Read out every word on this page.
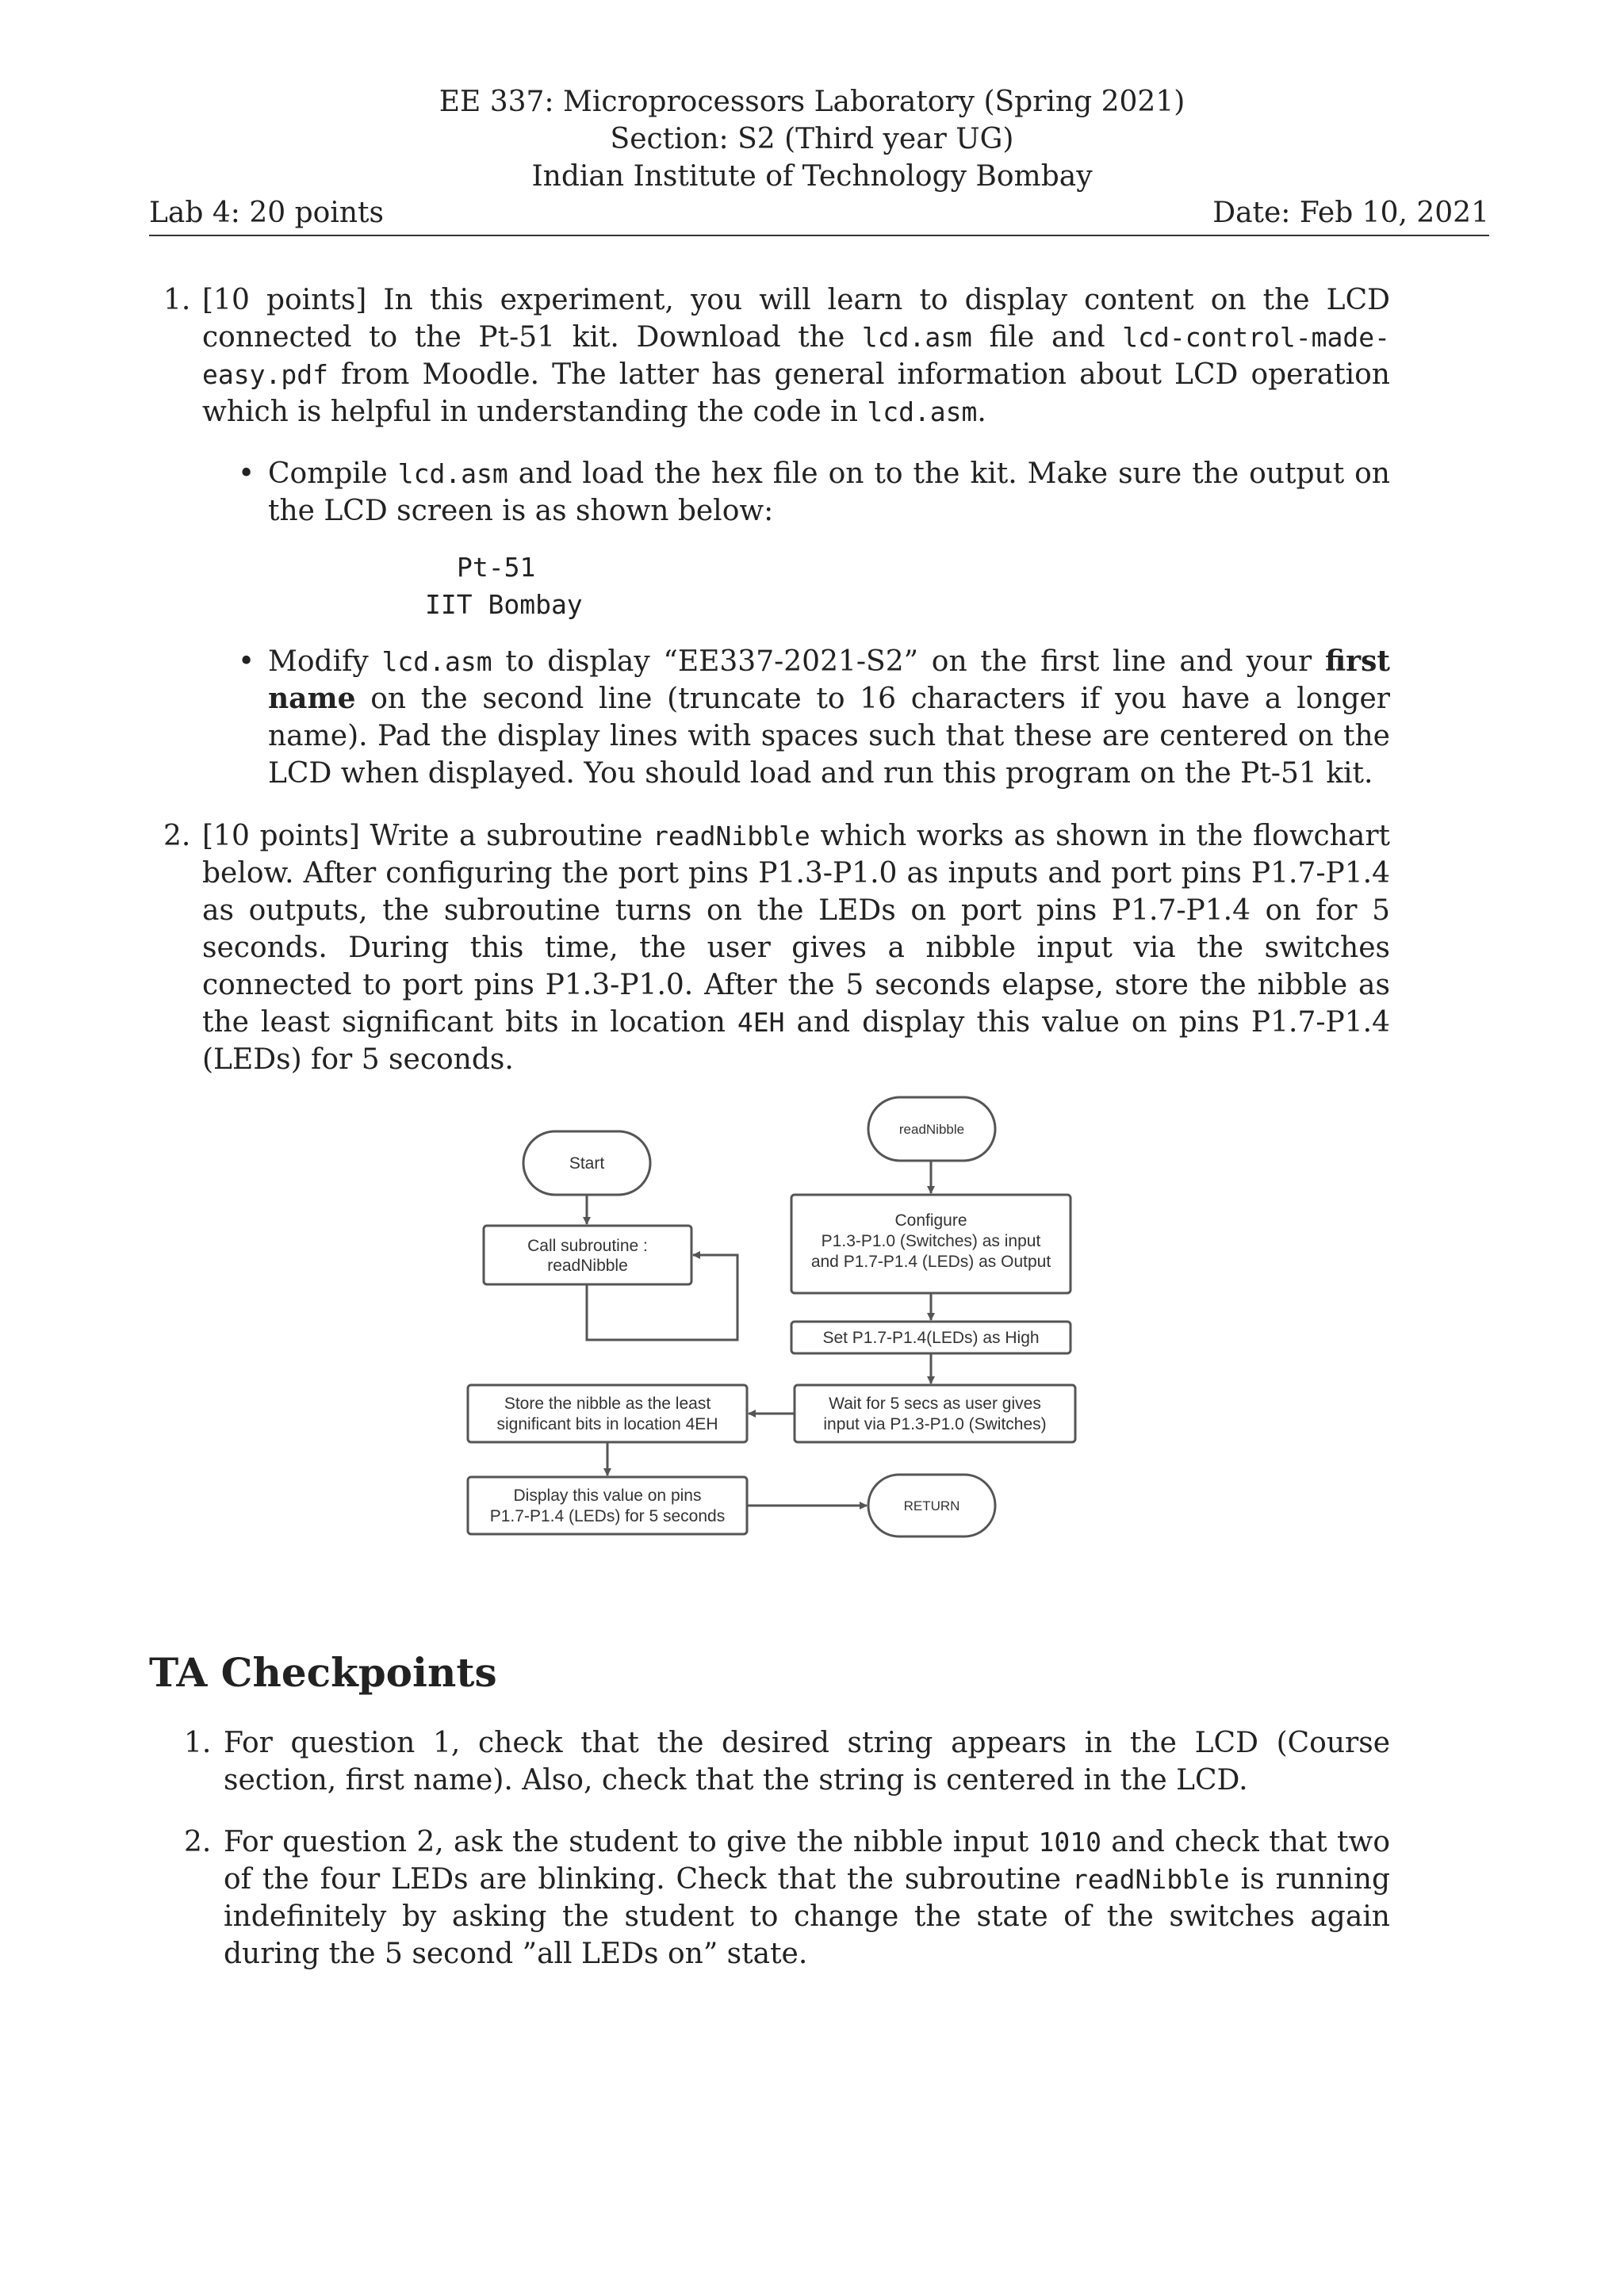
EE 337: Microprocessors Laboratory (Spring 2021)
Section: S2 (Third year UG)
Indian Institute of Technology Bombay
Lab 4: 20 points	Date: Feb 10, 2021
1. [10 points] In this experiment, you will learn to display content on the LCD connected to the Pt-51 kit. Download the lcd.asm file and lcd-control-made-easy.pdf from Moodle. The latter has general information about LCD operation which is helpful in understanding the code in lcd.asm.
• Compile lcd.asm and load the hex file on to the kit. Make sure the output on the LCD screen is as shown below:
Pt-51
IIT Bombay
• Modify lcd.asm to display “EE337-2021-S2” on the first line and your first name on the second line (truncate to 16 characters if you have a longer name). Pad the display lines with spaces such that these are centered on the LCD when displayed. You should load and run this program on the Pt-51 kit.
2. [10 points] Write a subroutine readNibble which works as shown in the flowchart below. After configuring the port pins P1.3-P1.0 as inputs and port pins P1.7-P1.4 as outputs, the subroutine turns on the LEDs on port pins P1.7-P1.4 on for 5 seconds. During this time, the user gives a nibble input via the switches connected to port pins P1.3-P1.0. After the 5 seconds elapse, store the nibble as the least significant bits in location 4EH and display this value on pins P1.7-P1.4 (LEDs) for 5 seconds.
Start
readNibble
Call subroutine :
readNibble
Configure
P1.3-P1.0 (Switches) as input
and P1.7-P1.4 (LEDs) as Output
Set P1.7-P1.4(LEDs) as High
Wait for 5 secs as user gives
input via P1.3-P1.0 (Switches)
Store the nibble as the least
significant bits in location 4EH
Display this value on pins
P1.7-P1.4 (LEDs) for 5 seconds
RETURN
TA Checkpoints
1. For question 1, check that the desired string appears in the LCD (Course section, first name). Also, check that the string is centered in the LCD.
2. For question 2, ask the student to give the nibble input 1010 and check that two of the four LEDs are blinking. Check that the subroutine readNibble is running indefinitely by asking the student to change the state of the switches again during the 5 second ”all LEDs on” state.
